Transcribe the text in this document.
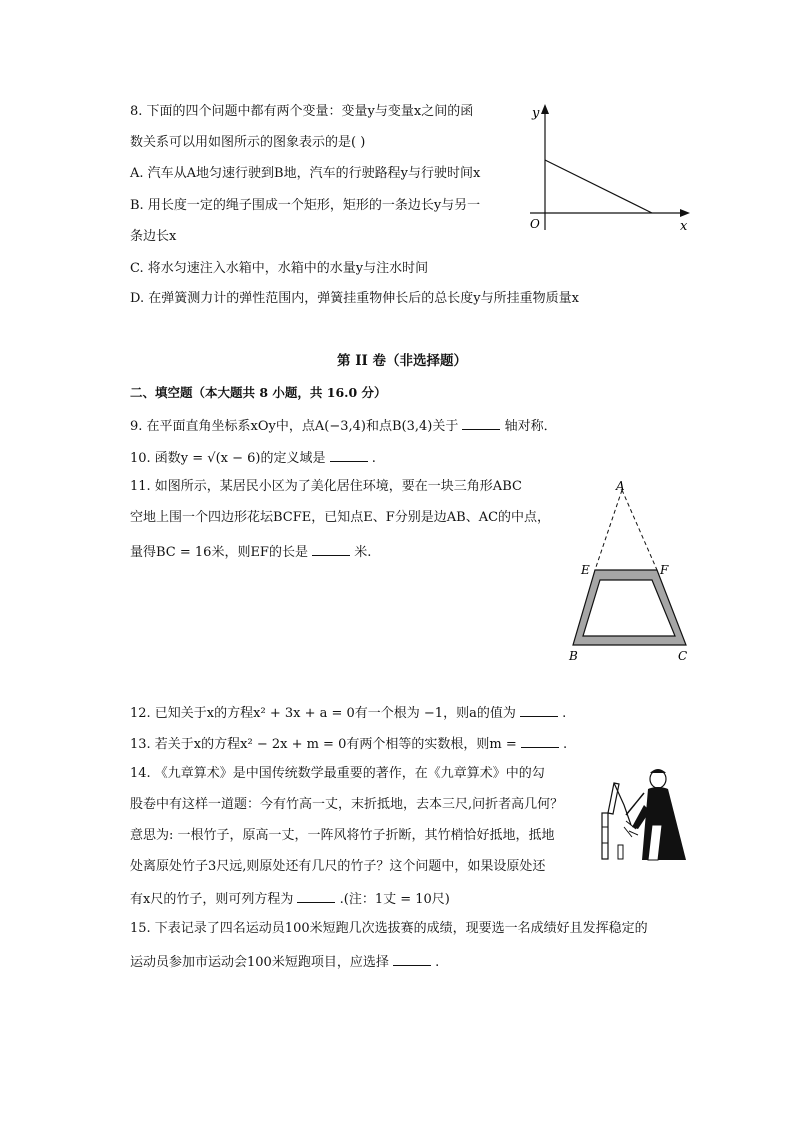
8. 下面的四个问题中都有两个变量：变量y与变量x之间的函
数关系可以用如图所示的图象表示的是( )
A. 汽车从A地匀速行驶到B地，汽车的行驶路程y与行驶时间x
B. 用长度一定的绳子围成一个矩形，矩形的一条边长y与另一
条边长x
C. 将水匀速注入水箱中，水箱中的水量y与注水时间
D. 在弹簧测力计的弹性范围内，弹簧挂重物伸长后的总长度y与所挂重物质量x
y
x
O
第 II 卷（非选择题）
二、填空题（本大题共 8 小题，共 16.0 分）
9. 在平面直角坐标系xOy中，点A(−3,4)和点B(3,4)关于	轴对称．
10. 函数y = √(x − 6)的定义域是	.
11. 如图所示，某居民小区为了美化居住环境，要在一块三角形ABC
空地上围一个四边形花坛BCFE，已知点E、F分别是边AB、AC的中点，
量得BC = 16米，则EF的长是	米.
A
E	F
B	C
12. 已知关于x的方程x² + 3x + a = 0有一个根为 −1，则a的值为	.
13. 若关于x的方程x² − 2x + m = 0有两个相等的实数根，则m =	.
14. 《九章算术》是中国传统数学最重要的著作，在《九章算术》中的勾
股卷中有这样一道题：今有竹高一丈，末折抵地，去本三尺,问折者高几何？
意思为: 一根竹子，原高一丈，一阵风将竹子折断，其竹梢恰好抵地，抵地
处离原处竹子3尺远,则原处还有几尺的竹子？这个问题中，如果设原处还
有x尺的竹子，则可列方程为	.(注：1丈 = 10尺)
15. 下表记录了四名运动员100米短跑几次选拔赛的成绩，现要选一名成绩好且发挥稳定的
运动员参加市运动会100米短跑项目，应选择	.
